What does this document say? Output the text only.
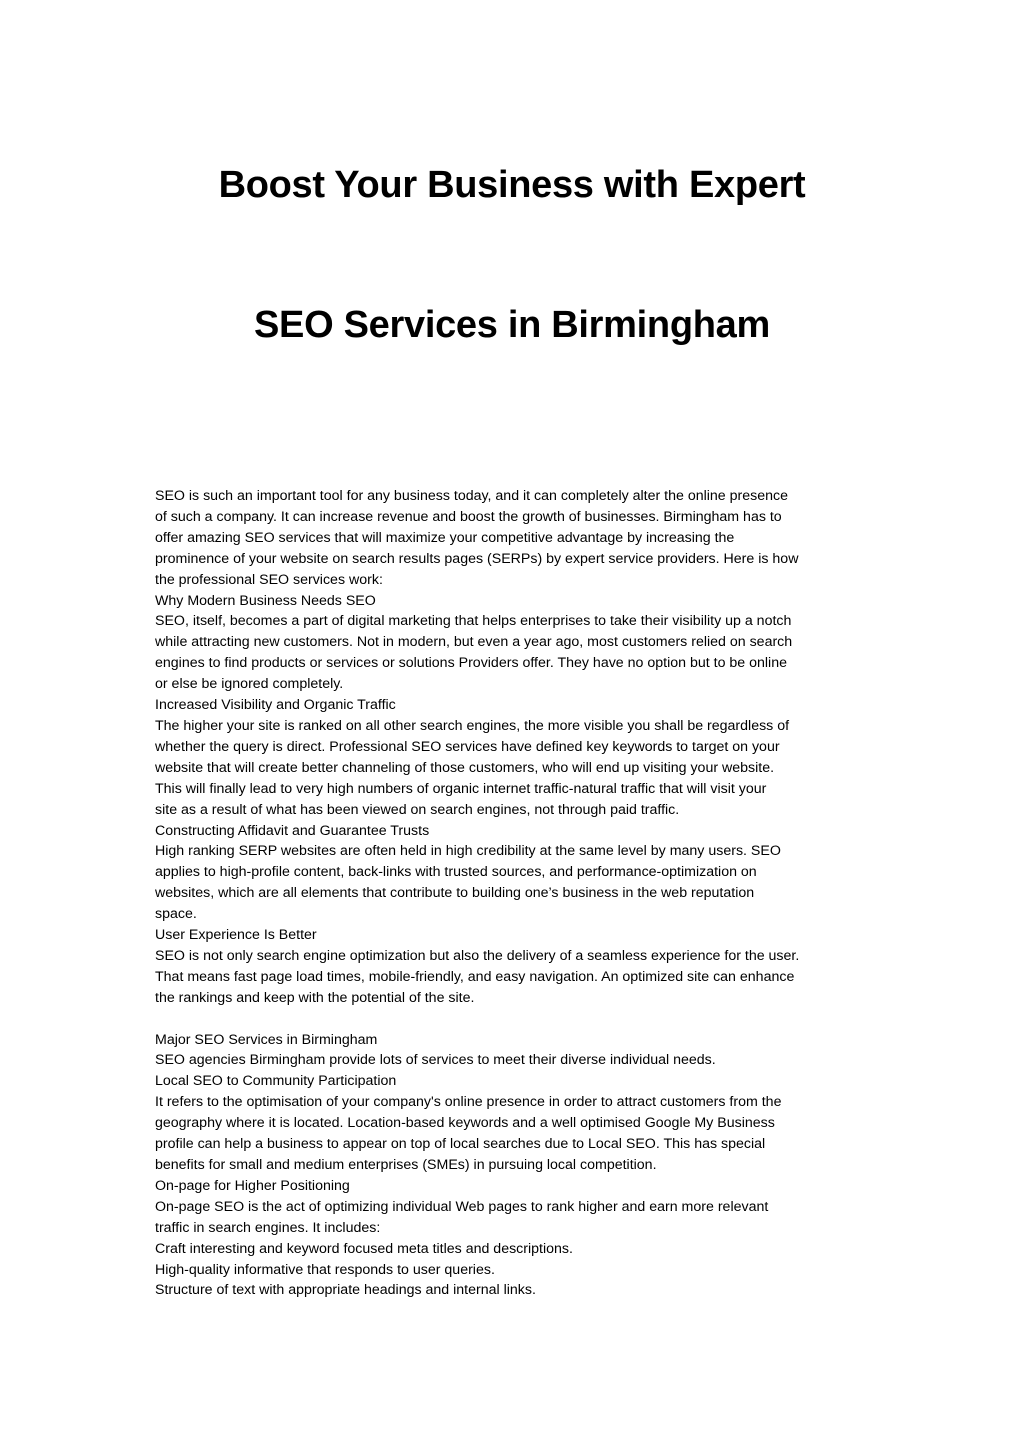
Boost Your Business with Expert
SEO Services in Birmingham

SEO is such an important tool for any business today, and it can completely alter the online presence

of such a company. It can increase revenue and boost the growth of businesses. Birmingham has to

offer amazing SEO services that will maximize your competitive advantage by increasing the

prominence of your website on search results pages (SERPs) by expert service providers. Here is how

the professional SEO services work:

Why Modern Business Needs SEO

SEO, itself, becomes a part of digital marketing that helps enterprises to take their visibility up a notch

while attracting new customers. Not in modern, but even a year ago, most customers relied on search

engines to find products or services or solutions Providers offer. They have no option but to be online

or else be ignored completely.

Increased Visibility and Organic Traffic

The higher your site is ranked on all other search engines, the more visible you shall be regardless of

whether the query is direct. Professional SEO services have defined key keywords to target on your

website that will create better channeling of those customers, who will end up visiting your website.

This will finally lead to very high numbers of organic internet traffic-natural traffic that will visit your

site as a result of what has been viewed on search engines, not through paid traffic.

Constructing Affidavit and Guarantee Trusts

High ranking SERP websites are often held in high credibility at the same level by many users. SEO

applies to high-profile content, back-links with trusted sources, and performance-optimization on

websites, which are all elements that contribute to building one’s business in the web reputation

space.

User Experience Is Better

SEO is not only search engine optimization but also the delivery of a seamless experience for the user.

That means fast page load times, mobile-friendly, and easy navigation. An optimized site can enhance

the rankings and keep with the potential of the site.

Major SEO Services in Birmingham

SEO agencies Birmingham provide lots of services to meet their diverse individual needs.

Local SEO to Community Participation

It refers to the optimisation of your company's online presence in order to attract customers from the

geography where it is located. Location-based keywords and a well optimised Google My Business

profile can help a business to appear on top of local searches due to Local SEO. This has special

benefits for small and medium enterprises (SMEs) in pursuing local competition.

On-page for Higher Positioning

On-page SEO is the act of optimizing individual Web pages to rank higher and earn more relevant

traffic in search engines. It includes:

Craft interesting and keyword focused meta titles and descriptions.

High-quality informative that responds to user queries.

Structure of text with appropriate headings and internal links.
